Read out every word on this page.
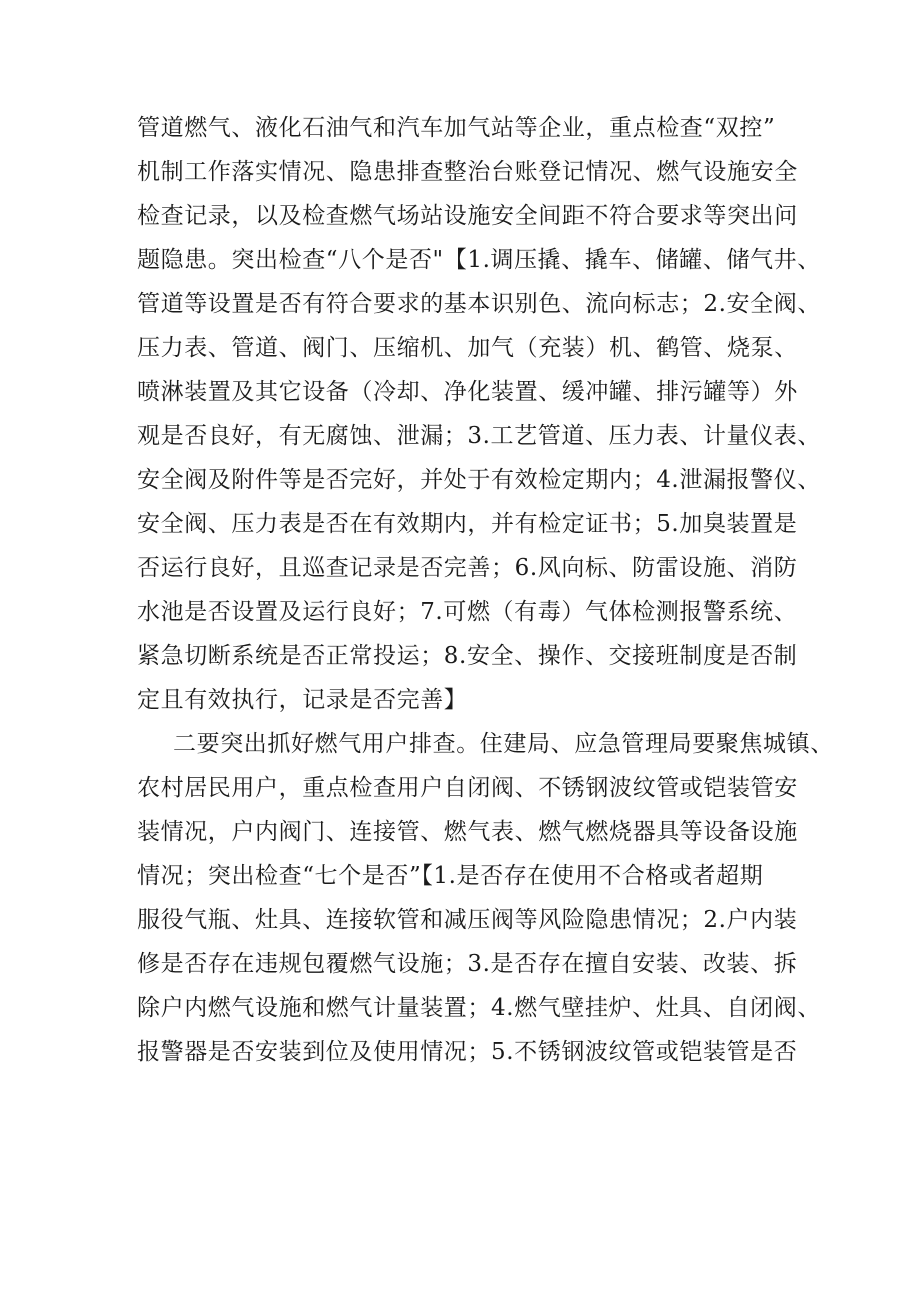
管道燃气、液化石油气和汽车加气站等企业，重点检查“双控”
机制工作落实情况、隐患排查整治台账登记情况、燃气设施安全
检查记录，以及检查燃气场站设施安全间距不符合要求等突出问
题隐患。突出检查“八个是否"【1.调压撬、撬车、储罐、储气井、
管道等设置是否有符合要求的基本识别色、流向标志；2.安全阀、
压力表、管道、阀门、压缩机、加气（充装）机、鹤管、烧泵、
喷淋装置及其它设备（冷却、净化装置、缓冲罐、排污罐等）外
观是否良好，有无腐蚀、泄漏；3.工艺管道、压力表、计量仪表、
安全阀及附件等是否完好，并处于有效检定期内；4.泄漏报警仪、
安全阀、压力表是否在有效期内，并有检定证书；5.加臭装置是
否运行良好，且巡查记录是否完善；6.风向标、防雷设施、消防
水池是否设置及运行良好；7.可燃（有毒）气体检测报警系统、
紧急切断系统是否正常投运；8.安全、操作、交接班制度是否制
定且有效执行，记录是否完善】
二要突出抓好燃气用户排查。住建局、应急管理局要聚焦城镇、
农村居民用户，重点检查用户自闭阀、不锈钢波纹管或铠装管安
装情况，户内阀门、连接管、燃气表、燃气燃烧器具等设备设施
情况；突出检查“七个是否”【1.是否存在使用不合格或者超期
服役气瓶、灶具、连接软管和减压阀等风险隐患情况；2.户内装
修是否存在违规包覆燃气设施；3.是否存在擅自安装、改装、拆
除户内燃气设施和燃气计量装置；4.燃气壁挂炉、灶具、自闭阀、
报警器是否安装到位及使用情况；5.不锈钢波纹管或铠装管是否
